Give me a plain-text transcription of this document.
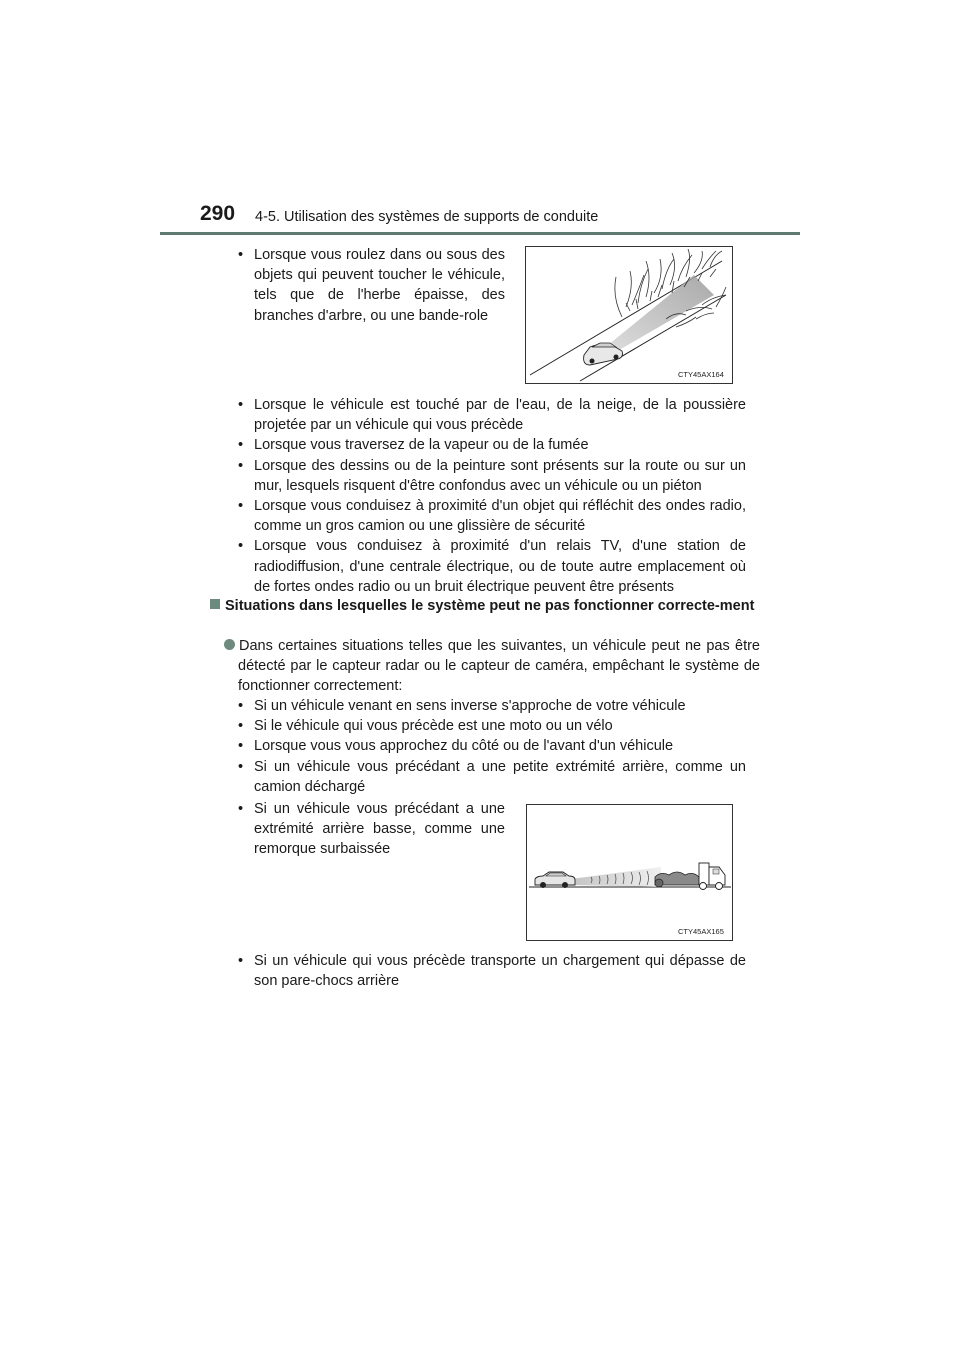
290 4-5. Utilisation des systèmes de supports de conduite
• Lorsque vous roulez dans ou sous des objets qui peuvent toucher le véhicule, tels que de l'herbe épaisse, des branches d'arbre, ou une bande-role
CTY45AX164
• Lorsque le véhicule est touché par de l'eau, de la neige, de la poussière projetée par un véhicule qui vous précède
• Lorsque vous traversez de la vapeur ou de la fumée
• Lorsque des dessins ou de la peinture sont présents sur la route ou sur un mur, lesquels risquent d'être confondus avec un véhicule ou un piéton
• Lorsque vous conduisez à proximité d'un objet qui réfléchit des ondes radio, comme un gros camion ou une glissière de sécurité
• Lorsque vous conduisez à proximité d'un relais TV, d'une station de radiodiffusion, d'une centrale électrique, ou de toute autre emplacement où de fortes ondes radio ou un bruit électrique peuvent être présents
Situations dans lesquelles le système peut ne pas fonctionner correcte-ment
Dans certaines situations telles que les suivantes, un véhicule peut ne pas être détecté par le capteur radar ou le capteur de caméra, empêchant le système de fonctionner correctement:
• Si un véhicule venant en sens inverse s'approche de votre véhicule
• Si le véhicule qui vous précède est une moto ou un vélo
• Lorsque vous vous approchez du côté ou de l'avant d'un véhicule
• Si un véhicule vous précédant a une petite extrémité arrière, comme un camion déchargé
• Si un véhicule vous précédant a une extrémité arrière basse, comme une remorque surbaissée
CTY45AX165
• Si un véhicule qui vous précède transporte un chargement qui dépasse de son pare-chocs arrière
